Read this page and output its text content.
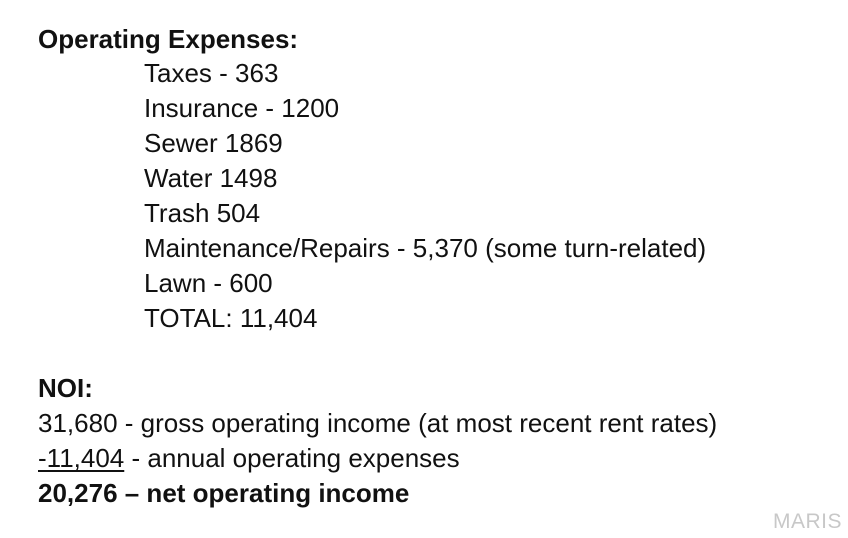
Operating Expenses:
Taxes - 363
Insurance - 1200
Sewer 1869
Water 1498
Trash 504
Maintenance/Repairs - 5,370 (some turn-related)
Lawn - 600
TOTAL: 11,404
NOI:
31,680 - gross operating income (at most recent rent rates)
-11,404 - annual operating expenses
20,276 – net operating income
MARIS
